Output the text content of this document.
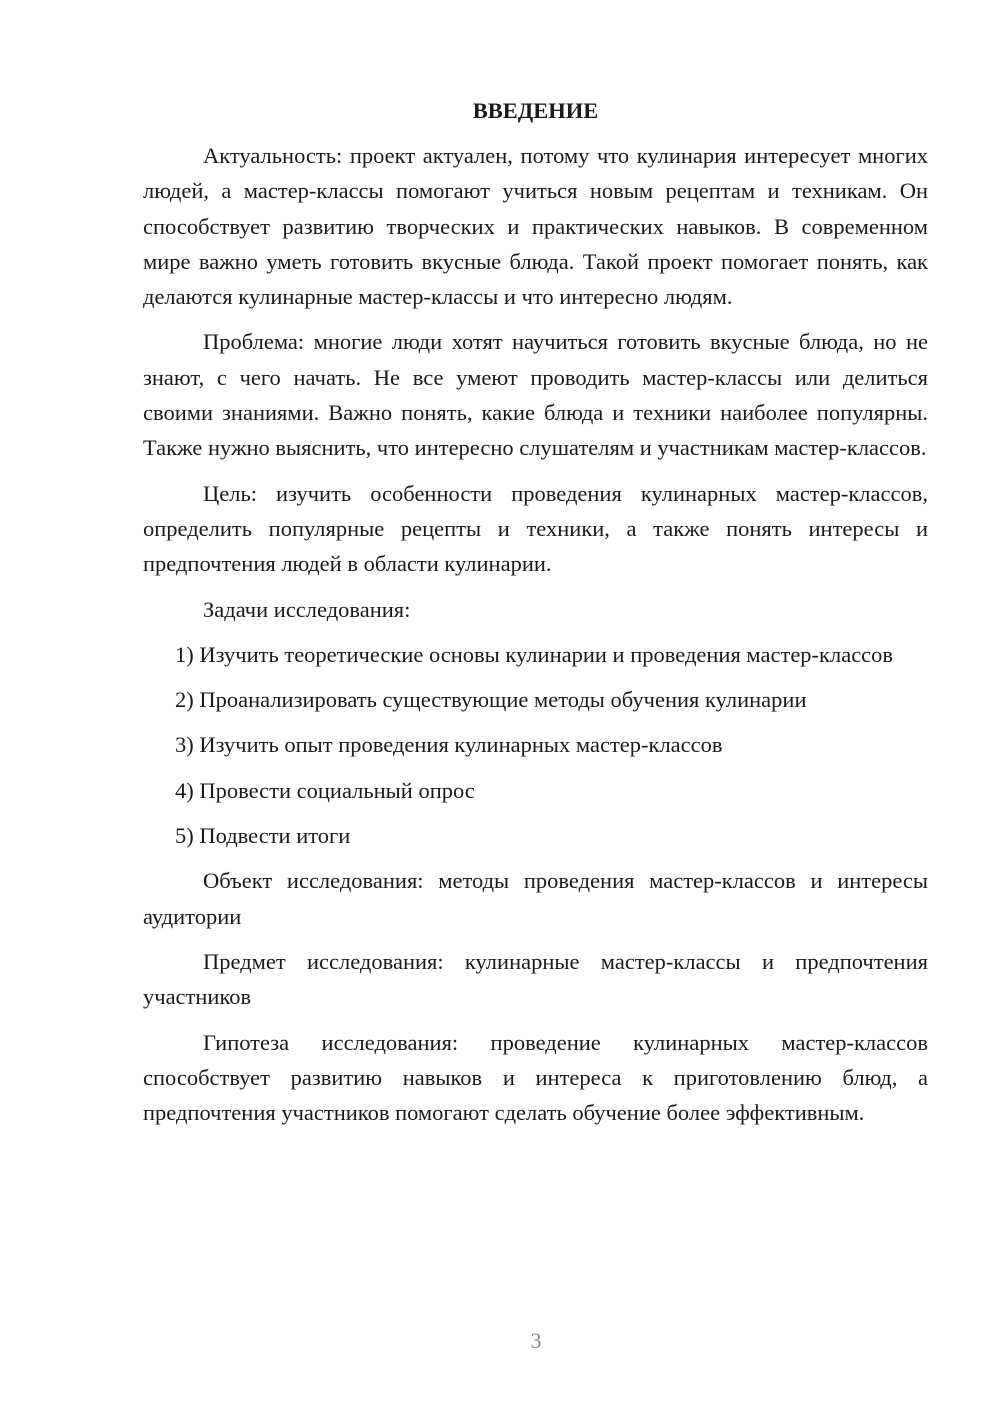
ВВЕДЕНИЕ

Актуальность: проект актуален, потому что кулинария интересует многих людей, а мастер-классы помогают учиться новым рецептам и техникам. Он способствует развитию творческих и практических навыков. В современном мире важно уметь готовить вкусные блюда. Такой проект помогает понять, как делаются кулинарные мастер-классы и что интересно людям.

Проблема: многие люди хотят научиться готовить вкусные блюда, но не знают, с чего начать. Не все умеют проводить мастер-классы или делиться своими знаниями. Важно понять, какие блюда и техники наиболее популярны. Также нужно выяснить, что интересно слушателям и участникам мастер-классов.

Цель: изучить особенности проведения кулинарных мастер-классов, определить популярные рецепты и техники, а также понять интересы и предпочтения людей в области кулинарии.

Задачи исследования:

1) Изучить теоретические основы кулинарии и проведения мастер-классов

2) Проанализировать существующие методы обучения кулинарии

3) Изучить опыт проведения кулинарных мастер-классов

4) Провести социальный опрос

5) Подвести итоги

Объект исследования: методы проведения мастер-классов и интересы аудитории

Предмет исследования: кулинарные мастер-классы и предпочтения участников

Гипотеза исследования: проведение кулинарных мастер-классов способствует развитию навыков и интереса к приготовлению блюд, а предпочтения участников помогают сделать обучение более эффективным.

3
